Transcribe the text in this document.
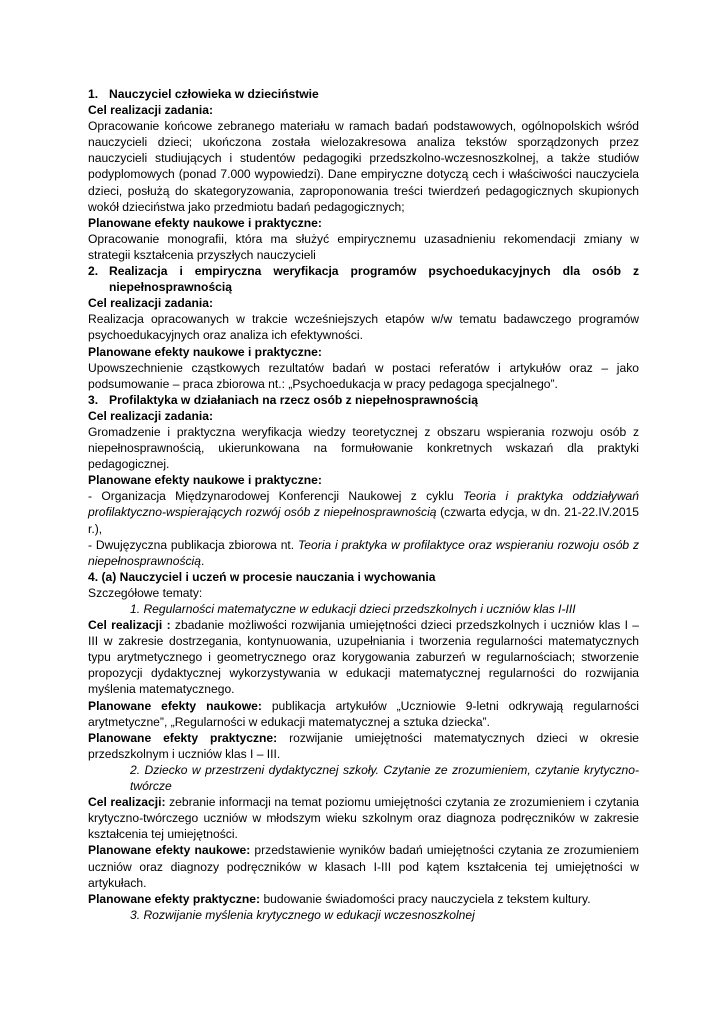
1. Nauczyciel człowieka w dzieciństwie

Cel realizacji zadania:

Opracowanie końcowe zebranego materiału w ramach badań podstawowych, ogólnopolskich wśród nauczycieli dzieci; ukończona została wielozakresowa analiza tekstów sporządzonych przez nauczycieli studiujących i studentów pedagogiki przedszkolno-wczesnoszkolnej, a także studiów podyplomowych (ponad 7.000 wypowiedzi). Dane empiryczne dotyczą cech i właściwości nauczyciela dzieci, posłużą do skategoryzowania, zaproponowania treści twierdzeń pedagogicznych skupionych wokół dzieciństwa jako przedmiotu badań pedagogicznych;

Planowane efekty naukowe i praktyczne:

Opracowanie monografii, która ma służyć empirycznemu uzasadnieniu rekomendacji zmiany w strategii kształcenia przyszłych nauczycieli

2. Realizacja i empiryczna weryfikacja programów psychoedukacyjnych dla osób z niepełnosprawnością

Cel realizacji zadania:

Realizacja opracowanych w trakcie wcześniejszych etapów w/w tematu badawczego programów psychoedukacyjnych oraz analiza ich efektywności.

Planowane efekty naukowe i praktyczne:

Upowszechnienie cząstkowych rezultatów badań w postaci referatów i artykułów oraz – jako podsumowanie – praca zbiorowa nt.: „Psychoedukacja w pracy pedagoga specjalnego”.

3. Profilaktyka w działaniach na rzecz osób z niepełnosprawnością

Cel realizacji zadania:

Gromadzenie i praktyczna weryfikacja wiedzy teoretycznej z obszaru wspierania rozwoju osób z niepełnosprawnością, ukierunkowana na formułowanie konkretnych wskazań dla praktyki pedagogicznej.

Planowane efekty naukowe i praktyczne:

- Organizacja Międzynarodowej Konferencji Naukowej z cyklu Teoria i praktyka oddziaływań profilaktyczno-wspierających rozwój osób z niepełnosprawnością (czwarta edycja, w dn. 21-22.IV.2015 r.),

- Dwujęzyczna publikacja zbiorowa nt. Teoria i praktyka w profilaktyce oraz wspieraniu rozwoju osób z niepełnosprawnością.

4. (a) Nauczyciel i uczeń w procesie nauczania i wychowania

Szczegółowe tematy:

1. Regularności matematyczne w edukacji dzieci przedszkolnych i uczniów klas I-III

Cel realizacji : zbadanie możliwości rozwijania umiejętności dzieci przedszkolnych i uczniów klas I – III w zakresie dostrzegania, kontynuowania, uzupełniania i tworzenia regularności matematycznych typu arytmetycznego i geometrycznego oraz korygowania zaburzeń w regularnościach; stworzenie propozycji dydaktycznej wykorzystywania w edukacji matematycznej regularności do rozwijania myślenia matematycznego.

Planowane efekty naukowe: publikacja artykułów „Uczniowie 9-letni odkrywają regularności arytmetyczne”, „Regularności w edukacji matematycznej a sztuka dziecka”.

Planowane efekty praktyczne: rozwijanie umiejętności matematycznych dzieci w okresie przedszkolnym i uczniów klas I – III.

2. Dziecko w przestrzeni dydaktycznej szkoły. Czytanie ze zrozumieniem, czytanie krytyczno-twórcze

Cel realizacji: zebranie informacji na temat poziomu umiejętności czytania ze zrozumieniem i czytania krytyczno-twórczego uczniów w młodszym wieku szkolnym oraz diagnoza podręczników w zakresie kształcenia tej umiejętności.

Planowane efekty naukowe: przedstawienie wyników badań umiejętności czytania ze zrozumieniem uczniów oraz diagnozy podręczników w klasach I-III pod kątem kształcenia tej umiejętności w artykułach.

Planowane efekty praktyczne: budowanie świadomości pracy nauczyciela z tekstem kultury.

3. Rozwijanie myślenia krytycznego w edukacji wczesnoszkolnej
